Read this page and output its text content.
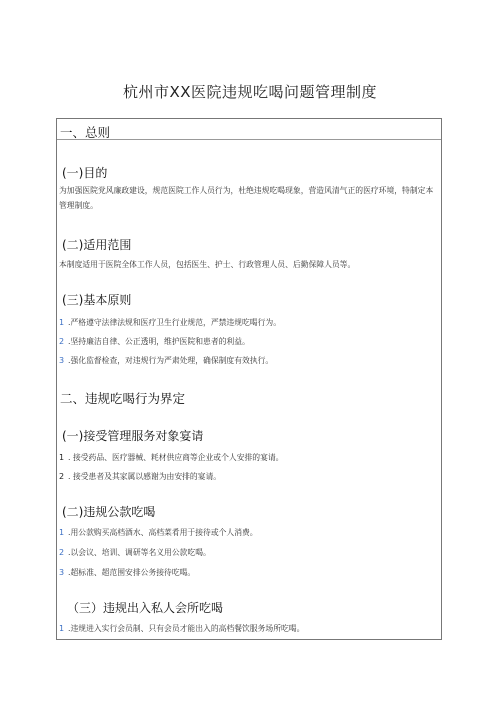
杭州市XX医院违规吃喝问题管理制度
一、总则
(一)目的
为加强医院党风廉政建设，规范医院工作人员行为，杜绝违规吃喝现象，营造风清气正的医疗环境，特制定本管理制度。
(二)适用范围
本制度适用于医院全体工作人员，包括医生、护士、行政管理人员、后勤保障人员等。
(三)基本原则
1 .严格遵守法律法规和医疗卫生行业规范，严禁违规吃喝行为。
2 .坚持廉洁自律、公正透明，维护医院和患者的利益。
3 .强化监督检查，对违规行为严肃处理，确保制度有效执行。
二、违规吃喝行为界定
(一)接受管理服务对象宴请
1 . 接受药品、医疗器械、耗材供应商等企业或个人安排的宴请。
2 . 接受患者及其家属以感谢为由安排的宴请。
(二)违规公款吃喝
1 .用公款购买高档酒水、高档菜肴用于接待或个人消费。
2 .以会议、培训、调研等名义用公款吃喝。
3 .超标准、超范围安排公务接待吃喝。
（三）违规出入私人会所吃喝
1 .违规进入实行会员制、只有会员才能出入的高档餐饮服务场所吃喝。
